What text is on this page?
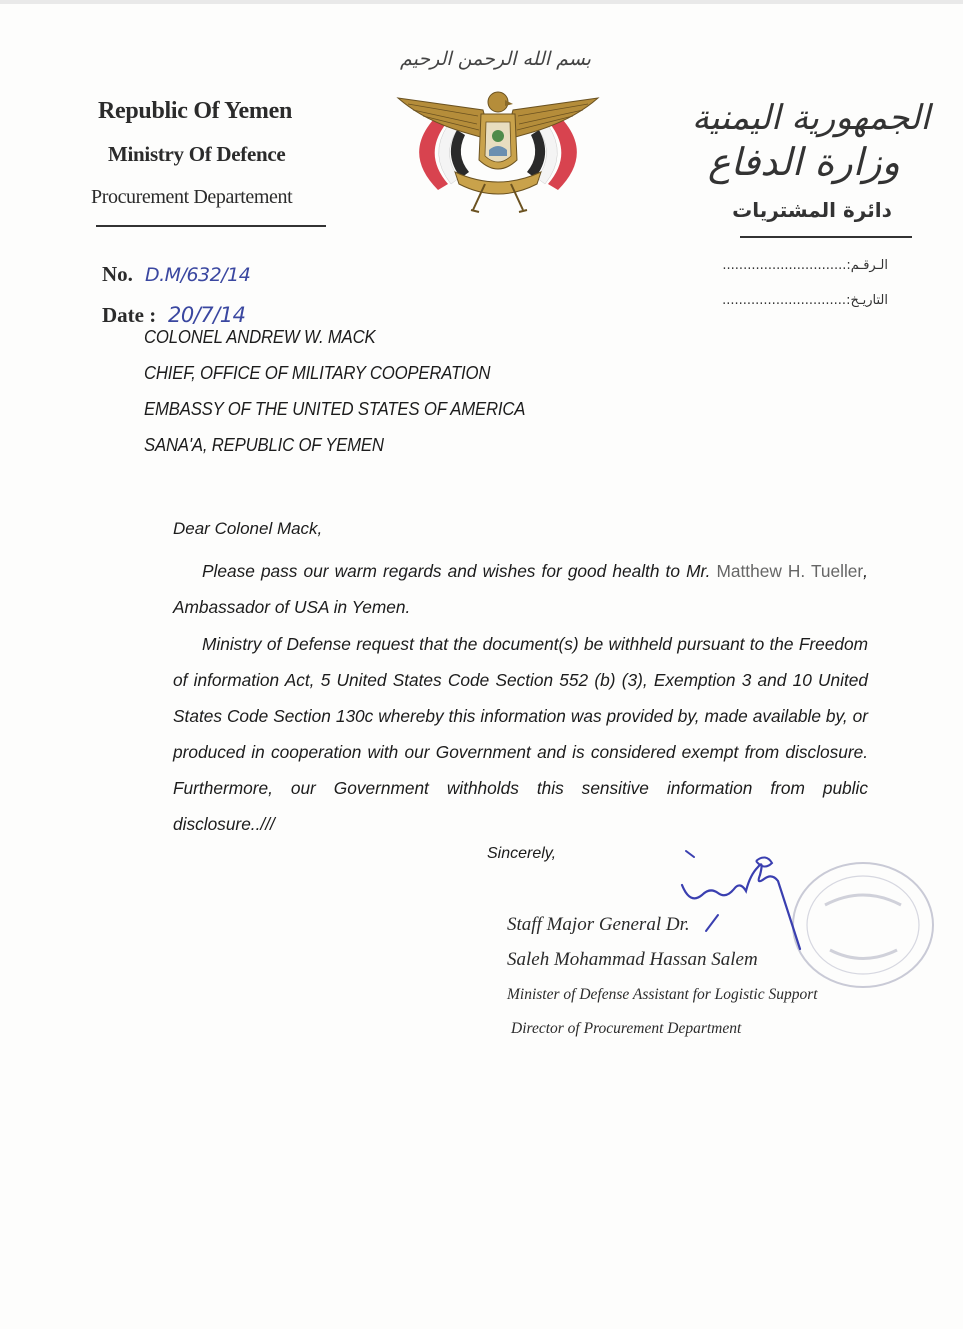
Republic Of Yemen
Ministry Of Defence
Procurement Departement
الجمهورية اليمنية
وزارة الدفاع
دائرة المشتريات
بسم الله الرحمن الرحيم
الـرقـم:..............................
التاريـخ:..............................
No. D.M/632/14
Date : 20/7/14
COLONEL ANDREW W. MACK
CHIEF, OFFICE OF MILITARY COOPERATION
EMBASSY OF THE UNITED STATES OF AMERICA
SANA'A, REPUBLIC OF YEMEN
Dear Colonel Mack,
Please pass our warm regards and wishes for good health to Mr. Matthew H. Tueller, Ambassador of USA in Yemen.
Ministry of Defense request that the document(s) be withheld pursuant to the Freedom of information Act, 5 United States Code Section 552 (b) (3), Exemption 3 and 10 United States Code Section 130c whereby this information was provided by, made available by, or produced in cooperation with our Government and is considered exempt from disclosure. Furthermore, our Government withholds this sensitive information from public disclosure..///
Sincerely,
Staff Major General Dr.
Saleh Mohammad Hassan Salem
Minister of Defense Assistant for Logistic Support
Director of Procurement Department
